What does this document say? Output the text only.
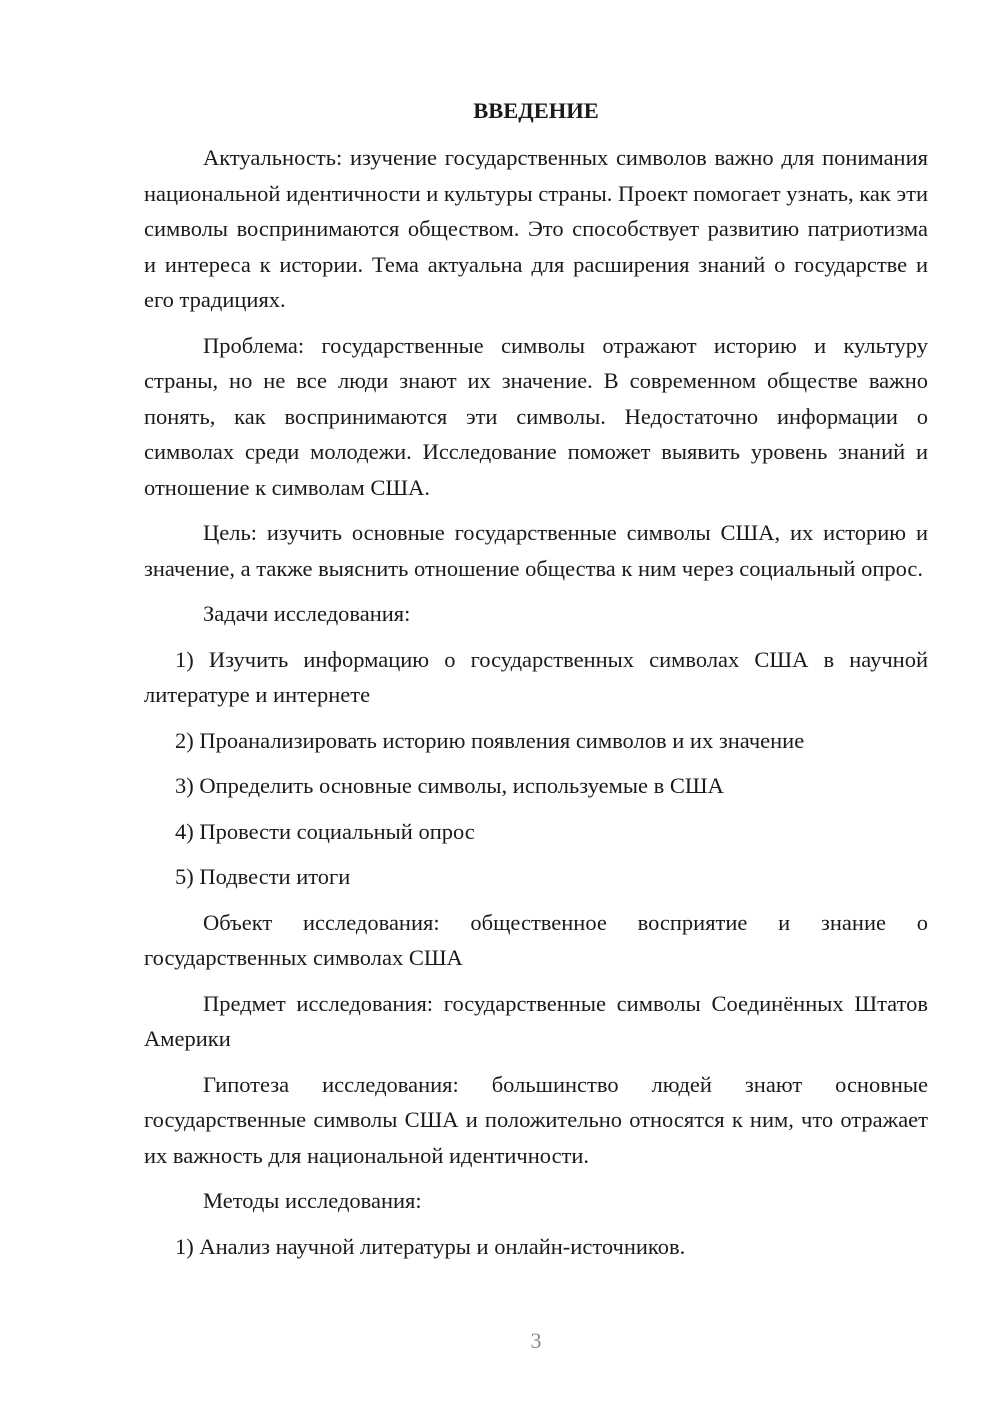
ВВЕДЕНИЕ

Актуальность: изучение государственных символов важно для понимания национальной идентичности и культуры страны. Проект помогает узнать, как эти символы воспринимаются обществом. Это способствует развитию патриотизма и интереса к истории. Тема актуальна для расширения знаний о государстве и его традициях.

Проблема: государственные символы отражают историю и культуру страны, но не все люди знают их значение. В современном обществе важно понять, как воспринимаются эти символы. Недостаточно информации о символах среди молодежи. Исследование поможет выявить уровень знаний и отношение к символам США.

Цель: изучить основные государственные символы США, их историю и значение, а также выяснить отношение общества к ним через социальный опрос.

Задачи исследования:

1) Изучить информацию о государственных символах США в научной литературе и интернете

2) Проанализировать историю появления символов и их значение

3) Определить основные символы, используемые в США

4) Провести социальный опрос

5) Подвести итоги

Объект исследования: общественное восприятие и знание о государственных символах США

Предмет исследования: государственные символы Соединённых Штатов Америки

Гипотеза исследования: большинство людей знают основные государственные символы США и положительно относятся к ним, что отражает их важность для национальной идентичности.

Методы исследования:

1) Анализ научной литературы и онлайн-источников.

3
